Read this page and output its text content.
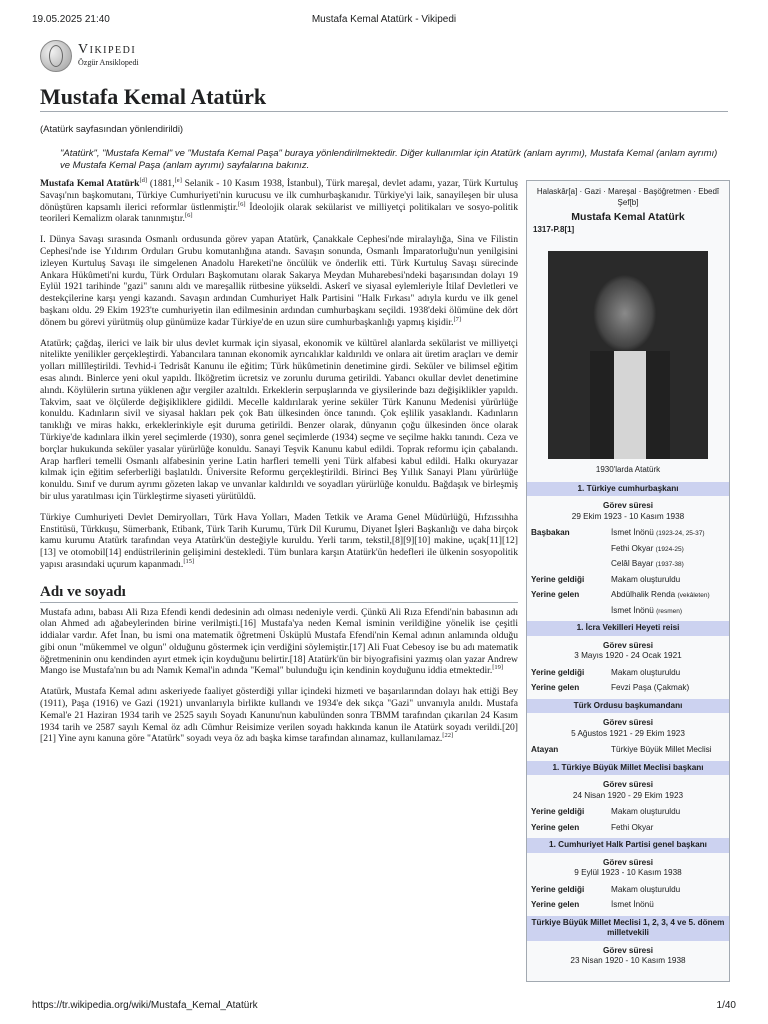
19.05.2025 21:40	Mustafa Kemal Atatürk - Vikipedi
Vikipedi
Özgür Ansiklopedi
Mustafa Kemal Atatürk
(Atatürk sayfasından yönlendirildi)
"Atatürk", "Mustafa Kemal" ve "Mustafa Kemal Paşa" buraya yönlendirilmektedir. Diğer kullanımlar için Atatürk (anlam ayrımı), Mustafa Kemal (anlam ayrımı) ve Mustafa Kemal Paşa (anlam ayrımı) sayfalarına bakınız.

Mustafa Kemal Atatürk[d] (1881,[e] Selanik - 10 Kasım 1938, İstanbul), Türk mareşal, devlet adamı, yazar, Türk Kurtuluş Savaşı'nın başkomutanı, Türkiye Cumhuriyeti'nin kurucusu ve ilk cumhurbaşkanıdır. Türkiye'yi laik, sanayileşen bir ulusa dönüştüren kapsamlı ilerici reformlar üstlenmiştir.[6] İdeolojik olarak sekülarist ve milliyetçi politikaları ve sosyo-politik teorileri Kemalizm olarak tanınmıştır.[6]

I. Dünya Savaşı sırasında Osmanlı ordusunda görev yapan Atatürk, Çanakkale Cephesi'nde miralaylığa, Sina ve Filistin Cephesi'nde ise Yıldırım Orduları Grubu komutanlığına atandı. Savaşın sonunda, Osmanlı İmparatorluğu'nun yenilgisini izleyen Kurtuluş Savaşı ile simgelenen Anadolu Hareketi'ne öncülük ve önderlik etti. Türk Kurtuluş Savaşı sürecinde Ankara Hükûmeti'ni kurdu, Türk Orduları Başkomutanı olarak Sakarya Meydan Muharebesi'ndeki başarısından dolayı 19 Eylül 1921 tarihinde "gazi" sanını aldı ve mareşallik rütbesine yükseldi. Askerî ve siyasal eylemleriyle İtilaf Devletleri ve destekçilerine karşı yengi kazandı. Savaşın ardından Cumhuriyet Halk Partisini "Halk Fırkası" adıyla kurdu ve ilk genel başkanı oldu. 29 Ekim 1923'te cumhuriyetin ilan edilmesinin ardından cumhurbaşkanı seçildi. 1938'deki ölümüne dek dört dönem bu görevi yürütmüş olup günümüze kadar Türkiye'de en uzun süre cumhurbaşkanlığı yapmış kişidir.[7]

Atatürk; çağdaş, ilerici ve laik bir ulus devlet kurmak için siyasal, ekonomik ve kültürel alanlarda sekülarist ve milliyetçi nitelikte yenilikler gerçekleştirdi. Yabancılara tanınan ekonomik ayrıcalıklar kaldırıldı ve onlara ait üretim araçları ve demir yolları millîleştirildi. Tevhid-i Tedrisât Kanunu ile eğitim; Türk hükûmetinin denetimine girdi. Seküler ve bilimsel eğitim esas alındı. Binlerce yeni okul yapıldı. İlköğretim ücretsiz ve zorunlu duruma getirildi. Yabancı okullar devlet denetimine alındı. Köylülerin sırtına yüklenen ağır vergiler azaltıldı. Erkeklerin serpuşlarında ve giysilerinde bazı değişiklikler yapıldı. Takvim, saat ve ölçülerde değişikliklere gidildi. Mecelle kaldırılarak yerine seküler Türk Kanunu Medenisi yürürlüğe konuldu. Kadınların sivil ve siyasal hakları pek çok Batı ülkesinden önce tanındı. Çok eşlilik yasaklandı. Kadınların tanıklığı ve miras hakkı, erkeklerinkiyle eşit duruma getirildi. Benzer olarak, dünyanın çoğu ülkesinden önce olarak Türkiye'de kadınlara ilkin yerel seçimlerde (1930), sonra genel seçimlerde (1934) seçme ve seçilme hakkı tanındı. Ceza ve borçlar hukukunda seküler yasalar yürürlüğe konuldu. Sanayi Teşvik Kanunu kabul edildi. Toprak reformu için çabalandı. Arap harfleri temelli Osmanlı alfabesinin yerine Latin harfleri temelli yeni Türk alfabesi kabul edildi. Halkı okuryazar kılmak için eğitim seferberliği başlatıldı. Üniversite Reformu gerçekleştirildi. Birinci Beş Yıllık Sanayi Planı yürürlüğe konuldu. Sınıf ve durum ayrımı gözeten lakap ve unvanlar kaldırıldı ve soyadları yürürlüğe konuldu. Bağdaşık ve birleşmiş bir ulus yaratılması için Türkleştirme siyaseti yürütüldü.

Türkiye Cumhuriyeti Devlet Demiryolları, Türk Hava Yolları, Maden Tetkik ve Arama Genel Müdürlüğü, Hıfzıssıhha Enstitüsü, Türkkuşu, Sümerbank, Etibank, Türk Tarih Kurumu, Türk Dil Kurumu, Diyanet İşleri Başkanlığı ve daha birçok kamu kurumu Atatürk tarafından veya Atatürk'ün desteğiyle kuruldu. Yerli tarım, tekstil,[8][9][10] makine, uçak[11][12][13] ve otomobil[14] endüstrilerinin gelişimini destekledi. Tüm bunlara karşın Atatürk'ün hedefleri ile ülkenin sosyopolitik yapısı arasındaki uçurum kapanmadı.[15]

Adı ve soyadı

Mustafa adını, babası Ali Rıza Efendi kendi dedesinin adı olması nedeniyle verdi. Çünkü Ali Rıza Efendi'nin babasının adı olan Ahmed adı ağabeylerinden birine verilmişti.[16] Mustafa'ya neden Kemal isminin verildiğine yönelik ise çeşitli iddialar vardır. Afet İnan, bu ismi ona matematik öğretmeni Üsküplü Mustafa Efendi'nin Kemal adının anlamında olduğu gibi onun "mükemmel ve olgun" olduğunu göstermek için verdiğini söylemiştir.[17] Ali Fuat Cebesoy ise bu adı matematik öğretmeninin onu kendinden ayırt etmek için koyduğunu belirtir.[18] Atatürk'ün bir biyografisini yazmış olan yazar Andrew Mango ise Mustafa'nın bu adı Namık Kemal'in adında "Kemal" bulunduğu için kendinin koyduğunu iddia etmektedir.[19]

Atatürk, Mustafa Kemal adını askeriyede faaliyet gösterdiği yıllar içindeki hizmeti ve başarılarından dolayı hak ettiği Bey (1911), Paşa (1916) ve Gazi (1921) unvanlarıyla birlikte kullandı ve 1934'e dek sıkça "Gazi" unvanıyla anıldı. Mustafa Kemal'e 21 Haziran 1934 tarih ve 2525 sayılı Soyadı Kanunu'nun kabulünden sonra TBMM tarafından çıkarılan 24 Kasım 1934 tarih ve 2587 sayılı Kemal öz adlı Cümhur Reisimize verilen soyadı hakkında kanun ile Atatürk soyadı verildi.[20][21] Yine aynı kanuna göre "Atatürk" soyadı veya öz adı başka kimse tarafından alınamaz, kullanılamaz.[22]

Halaskâr[a] · Gazi · Mareşal · Başöğretmen · Ebedî Şef[b]
Mustafa Kemal Atatürk
1317-P.8[1]
1930'larda Atatürk
1. Türkiye cumhurbaşkanı
Görev süresi
29 Ekim 1923 - 10 Kasım 1938
Başbakan	İsmet İnönü (1923-24, 25-37)
Fethi Okyar (1924-25)
Celâl Bayar (1937-38)
Yerine geldiği	Makam oluşturuldu
Yerine gelen	Abdülhalik Renda (vekâleten)
İsmet İnönü (resmen)
1. İcra Vekilleri Heyeti reisi
Görev süresi
3 Mayıs 1920 - 24 Ocak 1921
Yerine geldiği	Makam oluşturuldu
Yerine gelen	Fevzi Paşa (Çakmak)
Türk Ordusu başkumandanı
Görev süresi
5 Ağustos 1921 - 29 Ekim 1923
Atayan	Türkiye Büyük Millet Meclisi
1. Türkiye Büyük Millet Meclisi başkanı
Görev süresi
24 Nisan 1920 - 29 Ekim 1923
Yerine geldiği	Makam oluşturuldu
Yerine gelen	Fethi Okyar
1. Cumhuriyet Halk Partisi genel başkanı
Görev süresi
9 Eylül 1923 - 10 Kasım 1938
Yerine geldiği	Makam oluşturuldu
Yerine gelen	İsmet İnönü
Türkiye Büyük Millet Meclisi 1, 2, 3, 4 ve 5. dönem milletvekili
Görev süresi
23 Nisan 1920 - 10 Kasım 1938
https://tr.wikipedia.org/wiki/Mustafa_Kemal_Atatürk	1/40
